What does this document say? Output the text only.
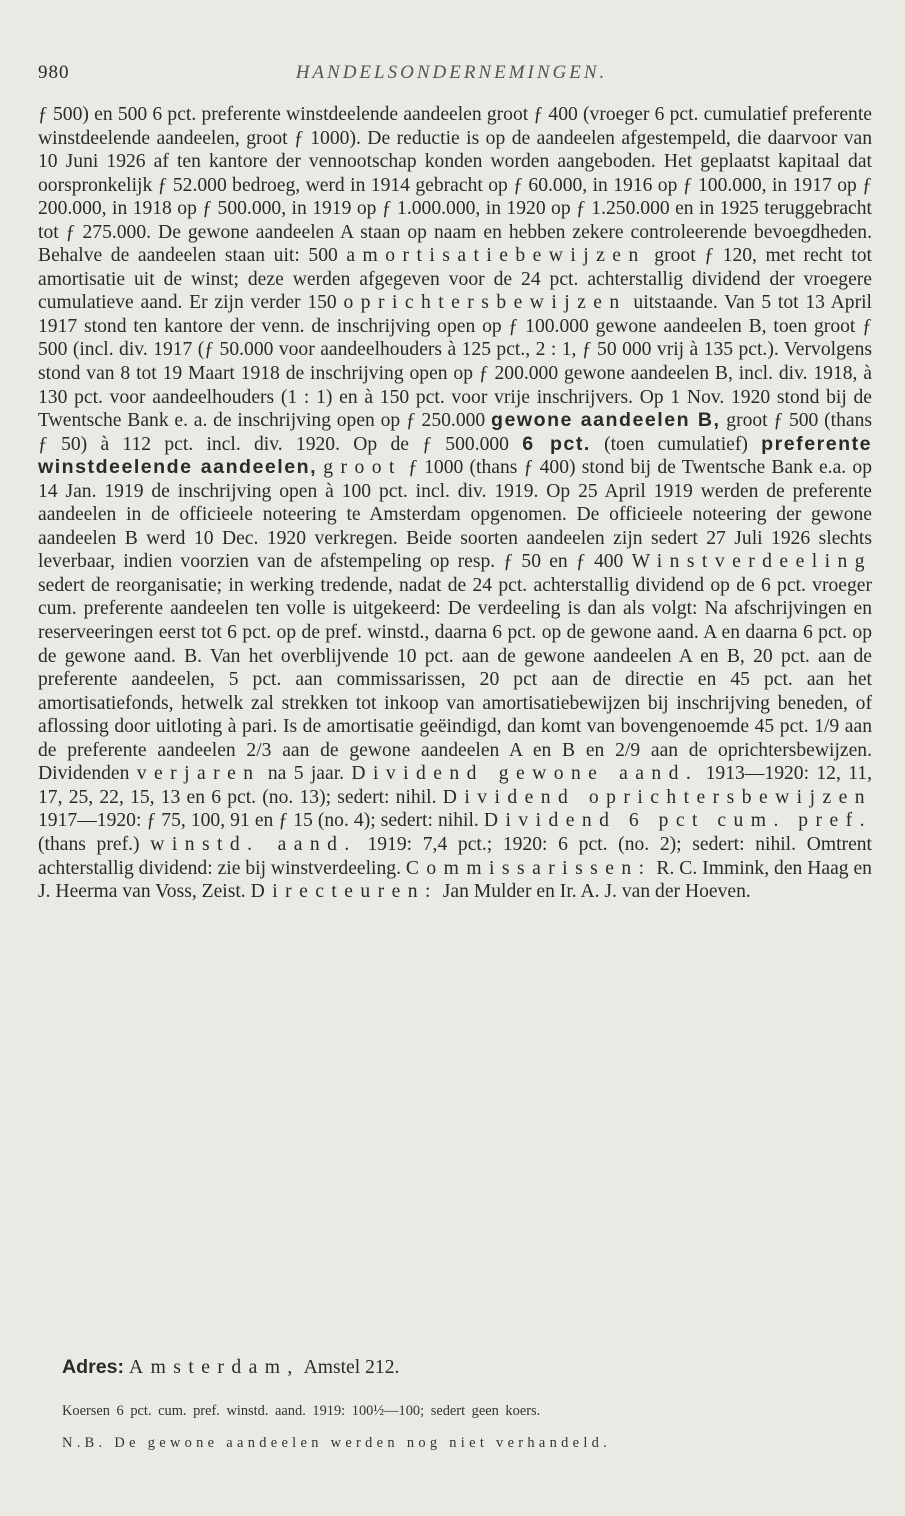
980	HANDELSONDERNEMINGEN.

ƒ 500) en 500 6 pct. preferente winstdeelende aandeelen groot ƒ 400 (vroeger 6 pct. cumulatief preferente winstdeelende aandeelen, groot ƒ 1000). De reductie is op de aandeelen afgestempeld, die daarvoor van 10 Juni 1926 af ten kantore der vennootschap konden worden aangeboden. Het geplaatst kapitaal dat oorspronkelijk ƒ 52.000 bedroeg, werd in 1914 gebracht op ƒ 60.000, in 1916 op ƒ 100.000, in 1917 op ƒ 200.000, in 1918 op ƒ 500.000, in 1919 op ƒ 1.000.000, in 1920 op ƒ 1.250.000 en in 1925 teruggebracht tot ƒ 275.000. De gewone aandeelen A staan op naam en hebben zekere controleerende bevoegdheden. Behalve de aandeelen staan uit: 500 amortisatiebewijzen groot ƒ 120, met recht tot amortisatie uit de winst; deze werden afgegeven voor de 24 pct. achterstallig dividend der vroegere cumulatieve aand. Er zijn verder 150 oprichtersbewijzen uitstaande. Van 5 tot 13 April 1917 stond ten kantore der venn. de inschrijving open op ƒ 100.000 gewone aandeelen B, toen groot ƒ 500 (incl. div. 1917 (ƒ 50.000 voor aandeelhouders à 125 pct., 2 : 1, ƒ 50 000 vrij à 135 pct.). Vervolgens stond van 8 tot 19 Maart 1918 de inschrijving open op ƒ 200.000 gewone aandeelen B, incl. div. 1918, à 130 pct. voor aandeelhouders (1 : 1) en à 150 pct. voor vrije inschrijvers. Op 1 Nov. 1920 stond bij de Twentsche Bank e. a. de inschrijving open op ƒ 250.000 gewone aandeelen B, groot ƒ 500 (thans ƒ 50) à 112 pct. incl. div. 1920. Op de ƒ 500.000 6 pct. (toen cumulatief) preferente winstdeelende aandeelen, groot ƒ 1000 (thans ƒ 400) stond bij de Twentsche Bank e.a. op 14 Jan. 1919 de inschrijving open à 100 pct. incl. div. 1919. Op 25 April 1919 werden de preferente aandeelen in de officieele noteering te Amsterdam opgenomen. De officieele noteering der gewone aandeelen B werd 10 Dec. 1920 verkregen. Beide soorten aandeelen zijn sedert 27 Juli 1926 slechts leverbaar, indien voorzien van de afstempeling op resp. ƒ 50 en ƒ 400 Winstverdeeling sedert de reorganisatie; in werking tredende, nadat de 24 pct. achterstallig dividend op de 6 pct. vroeger cum. preferente aandeelen ten volle is uitgekeerd: De verdeeling is dan als volgt: Na afschrijvingen en reserveeringen eerst tot 6 pct. op de pref. winstd., daarna 6 pct. op de gewone aand. A en daarna 6 pct. op de gewone aand. B. Van het overblijvende 10 pct. aan de gewone aandeelen A en B, 20 pct. aan de preferente aandeelen, 5 pct. aan commissarissen, 20 pct aan de directie en 45 pct. aan het amortisatiefonds, hetwelk zal strekken tot inkoop van amortisatiebewijzen bij inschrijving beneden, of aflossing door uitloting à pari. Is de amortisatie geëindigd, dan komt van bovengenoemde 45 pct. 1/9 aan de preferente aandeelen 2/3 aan de gewone aandeelen A en B en 2/9 aan de oprichtersbewijzen. Dividenden verjaren na 5 jaar. Dividend gewone aand. 1913—1920: 12, 11, 17, 25, 22, 15, 13 en 6 pct. (no. 13); sedert: nihil. Dividend oprichtersbewijzen 1917—1920: ƒ 75, 100, 91 en ƒ 15 (no. 4); sedert: nihil. Dividend 6 pct cum. pref. (thans pref.) winstd. aand. 1919: 7,4 pct.; 1920: 6 pct. (no. 2); sedert: nihil. Omtrent achterstallig dividend: zie bij winstverdeeling. Commissarissen: R. C. Immink, den Haag en J. Heerma van Voss, Zeist. Directeuren: Jan Mulder en Ir. A. J. van der Hoeven.

Adres: Amsterdam, Amstel 212.
Koersen 6 pct. cum. pref. winstd. aand. 1919: 100½—100; sedert geen koers.
N.B. De gewone aandeelen werden nog niet verhandeld.
